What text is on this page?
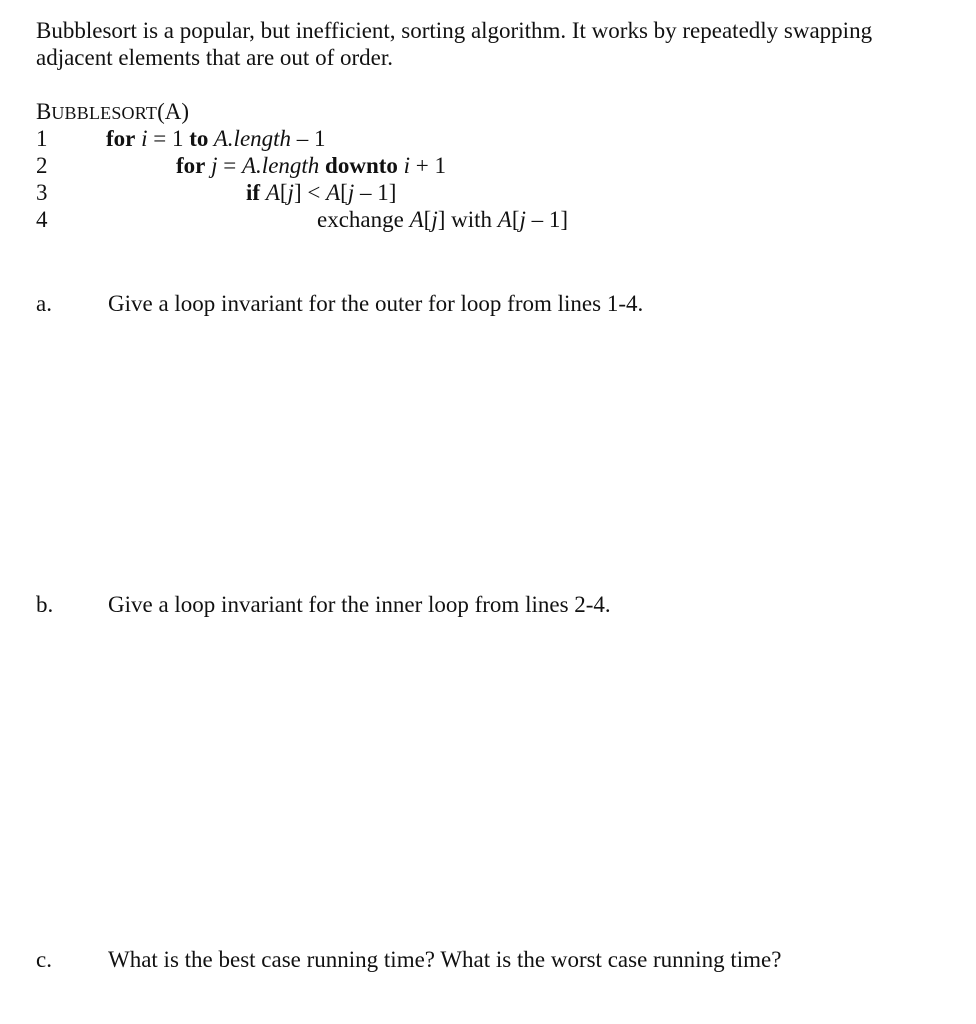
Bubblesort is a popular, but inefficient, sorting algorithm. It works by repeatedly swapping adjacent elements that are out of order.

BUBBLESORT(A)
1	for i = 1 to A.length – 1
2	for j = A.length downto i + 1
3	if A[j] < A[j – 1]
4	exchange A[j] with A[j – 1]
a. Give a loop invariant for the outer for loop from lines 1-4.
b. Give a loop invariant for the inner loop from lines 2-4.
c. What is the best case running time? What is the worst case running time?
